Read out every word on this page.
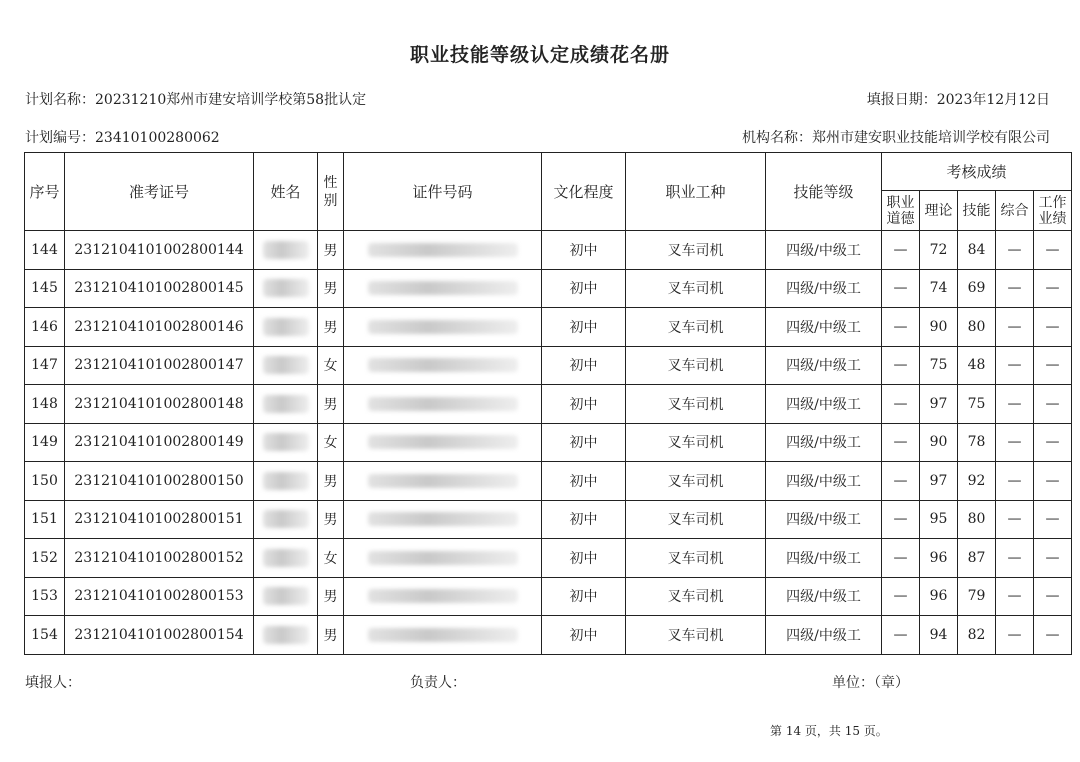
职业技能等级认定成绩花名册
计划名称：20231210郑州市建安培训学校第58批认定	填报日期：2023年12月12日
计划编号：23410100280062	机构名称：郑州市建安职业技能培训学校有限公司
序号	准考证号	姓名	性别	证件号码	文化程度	职业工种	技能等级	考核成绩				
								职业道德	理论	技能	综合	工作业绩
144	2312104101002800144		男		初中	叉车司机	四级/中级工	—	72	84	—	—
145	2312104101002800145		男		初中	叉车司机	四级/中级工	—	74	69	—	—
146	2312104101002800146		男		初中	叉车司机	四级/中级工	—	90	80	—	—
147	2312104101002800147		女		初中	叉车司机	四级/中级工	—	75	48	—	—
148	2312104101002800148		男		初中	叉车司机	四级/中级工	—	97	75	—	—
149	2312104101002800149		女		初中	叉车司机	四级/中级工	—	90	78	—	—
150	2312104101002800150		男		初中	叉车司机	四级/中级工	—	97	92	—	—
151	2312104101002800151		男		初中	叉车司机	四级/中级工	—	95	80	—	—
152	2312104101002800152		女		初中	叉车司机	四级/中级工	—	96	87	—	—
153	2312104101002800153		男		初中	叉车司机	四级/中级工	—	96	79	—	—
154	2312104101002800154		男		初中	叉车司机	四级/中级工	—	94	82	—	—
填报人：	负责人：	单位：（章）
第 14 页，共 15 页。
